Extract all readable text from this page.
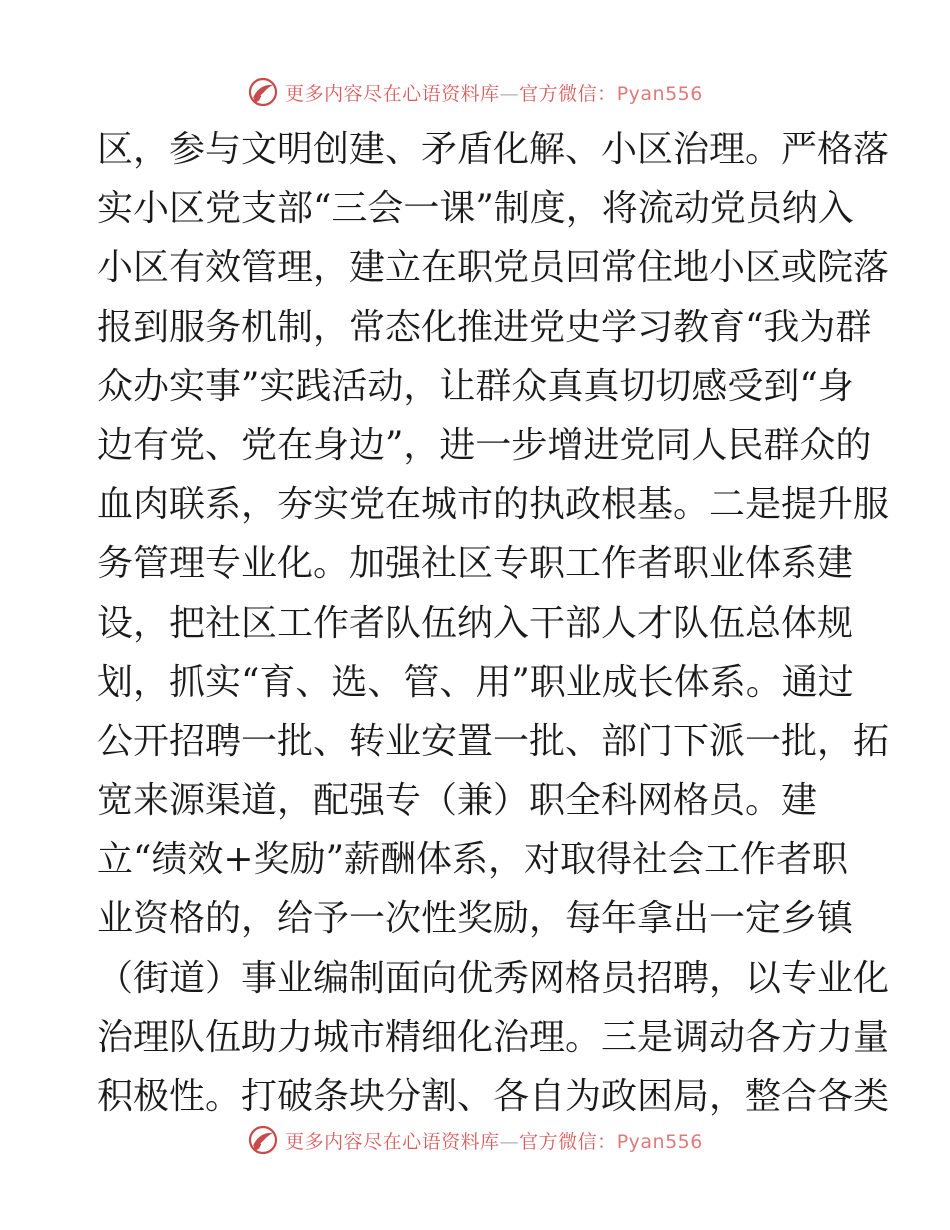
更多内容尽在心语资料库—官方微信：Pyan556
区，参与文明创建、矛盾化解、小区治理。严格落
实小区党支部“三会一课”制度，将流动党员纳入
小区有效管理，建立在职党员回常住地小区或院落
报到服务机制，常态化推进党史学习教育“我为群
众办实事”实践活动，让群众真真切切感受到“身
边有党、党在身边”，进一步增进党同人民群众的
血肉联系，夯实党在城市的执政根基。二是提升服
务管理专业化。加强社区专职工作者职业体系建
设，把社区工作者队伍纳入干部人才队伍总体规
划，抓实“育、选、管、用”职业成长体系。通过
公开招聘一批、转业安置一批、部门下派一批，拓
宽来源渠道，配强专（兼）职全科网格员。建
立“绩效+奖励”薪酬体系，对取得社会工作者职
业资格的，给予一次性奖励，每年拿出一定乡镇
（街道）事业编制面向优秀网格员招聘，以专业化
治理队伍助力城市精细化治理。三是调动各方力量
积极性。打破条块分割、各自为政困局，整合各类
更多内容尽在心语资料库—官方微信：Pyan556
